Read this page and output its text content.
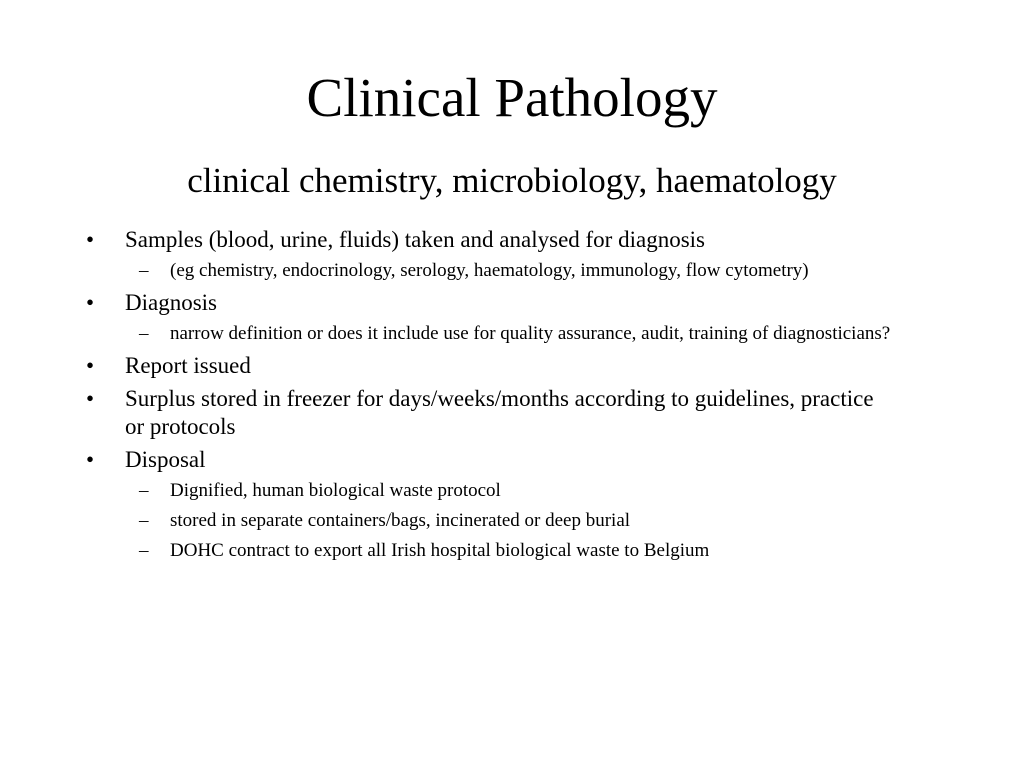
Clinical Pathology
clinical chemistry, microbiology, haematology
• Samples (blood, urine, fluids) taken and analysed for diagnosis
– (eg chemistry, endocrinology, serology, haematology, immunology, flow cytometry)
• Diagnosis
– narrow definition or does it include use for quality assurance, audit, training of diagnosticians?
• Report issued
• Surplus stored in freezer for days/weeks/months according to guidelines, practice or protocols
• Disposal
– Dignified, human biological waste protocol
– stored in separate containers/bags, incinerated or deep burial
– DOHC contract to export all Irish hospital biological waste to Belgium
